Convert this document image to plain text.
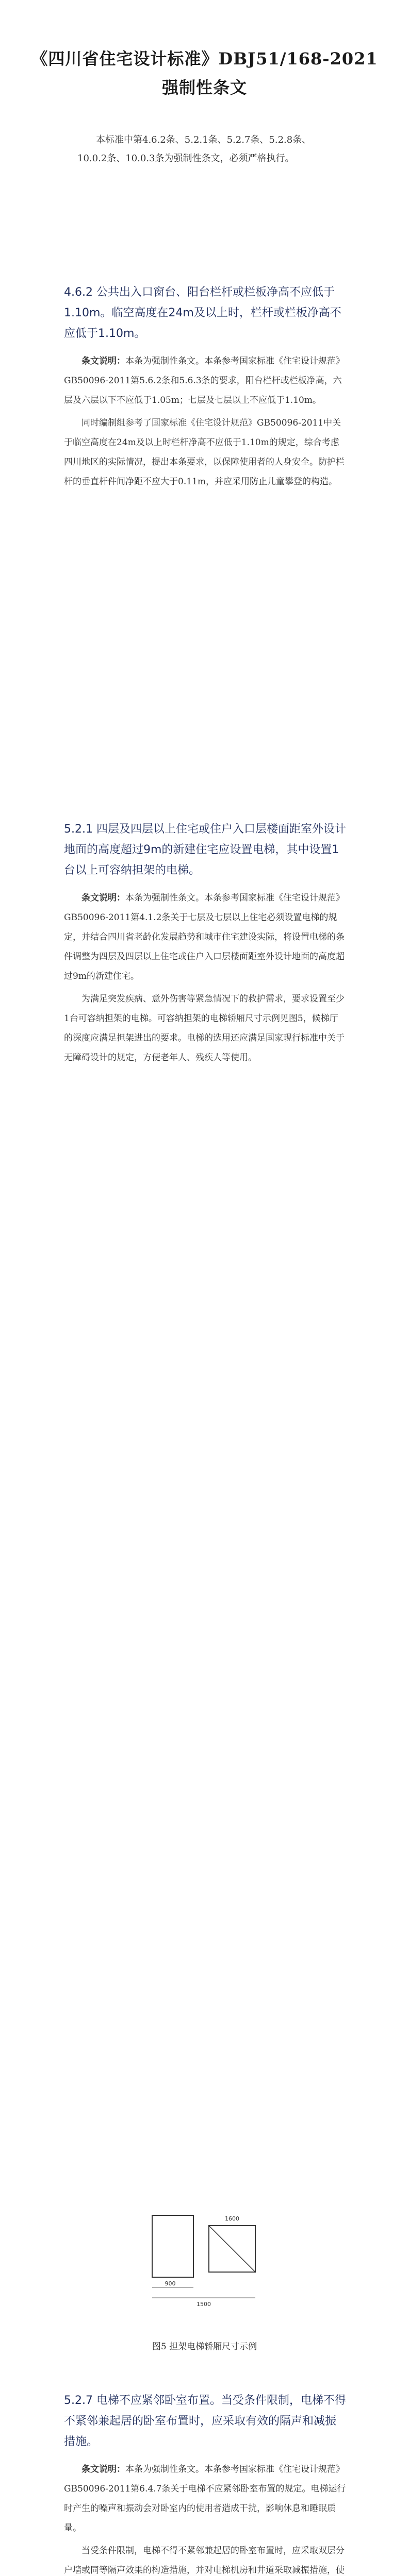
《四川省住宅设计标准》DBJ51/168-2021
强制性条文
本标准中第4.6.2条、5.2.1条、5.2.7条、5.2.8条、10.0.2条、10.0.3条为强制性条文，必须严格执行。
4.6.2 公共出入口窗台、阳台栏杆或栏板净高不应低于1.10m。临空高度在24m及以上时，栏杆或栏板净高不应低于1.10m。

条文说明：本条为强制性条文。本条参考国家标准《住宅设计规范》GB50096-2011第5.6.2条和5.6.3条的要求，阳台栏杆或栏板净高，六层及六层以下不应低于1.05m；七层及七层以上不应低于1.10m。

同时编制组参考了国家标准《住宅设计规范》GB50096-2011中关于临空高度在24m及以上时栏杆净高不应低于1.10m的规定，综合考虑四川地区的实际情况，提出本条要求，以保障使用者的人身安全。防护栏杆的垂直杆件间净距不应大于0.11m，并应采用防止儿童攀登的构造。

5.2.1 四层及四层以上住宅或住户入口层楼面距室外设计地面的高度超过9m的新建住宅应设置电梯，其中设置1台以上可容纳担架的电梯。

条文说明：本条为强制性条文。本条参考国家标准《住宅设计规范》GB50096-2011第4.1.2条关于七层及七层以上住宅必须设置电梯的规定，并结合四川省老龄化发展趋势和城市住宅建设实际，将设置电梯的条件调整为四层及四层以上住宅或住户入口层楼面距室外设计地面的高度超过9m的新建住宅。

为满足突发疾病、意外伤害等紧急情况下的救护需求，要求设置至少1台可容纳担架的电梯。可容纳担架的电梯轿厢尺寸示例见图5，候梯厅的深度应满足担架进出的要求。电梯的选用还应满足国家现行标准中关于无障碍设计的规定，方便老年人、残疾人等使用。

900
1500
1600
图5 担架电梯轿厢尺寸示例
5.2.7 电梯不应紧邻卧室布置。当受条件限制，电梯不得不紧邻兼起居的卧室布置时，应采取有效的隔声和减振措施。

条文说明：本条为强制性条文。本条参考国家标准《住宅设计规范》GB50096-2011第6.4.7条关于电梯不应紧邻卧室布置的规定。电梯运行时产生的噪声和振动会对卧室内的使用者造成干扰，影响休息和睡眠质量。

当受条件限制，电梯不得不紧邻兼起居的卧室布置时，应采取双层分户墙或同等隔声效果的构造措施，并对电梯机房和井道采取减振措施，使
